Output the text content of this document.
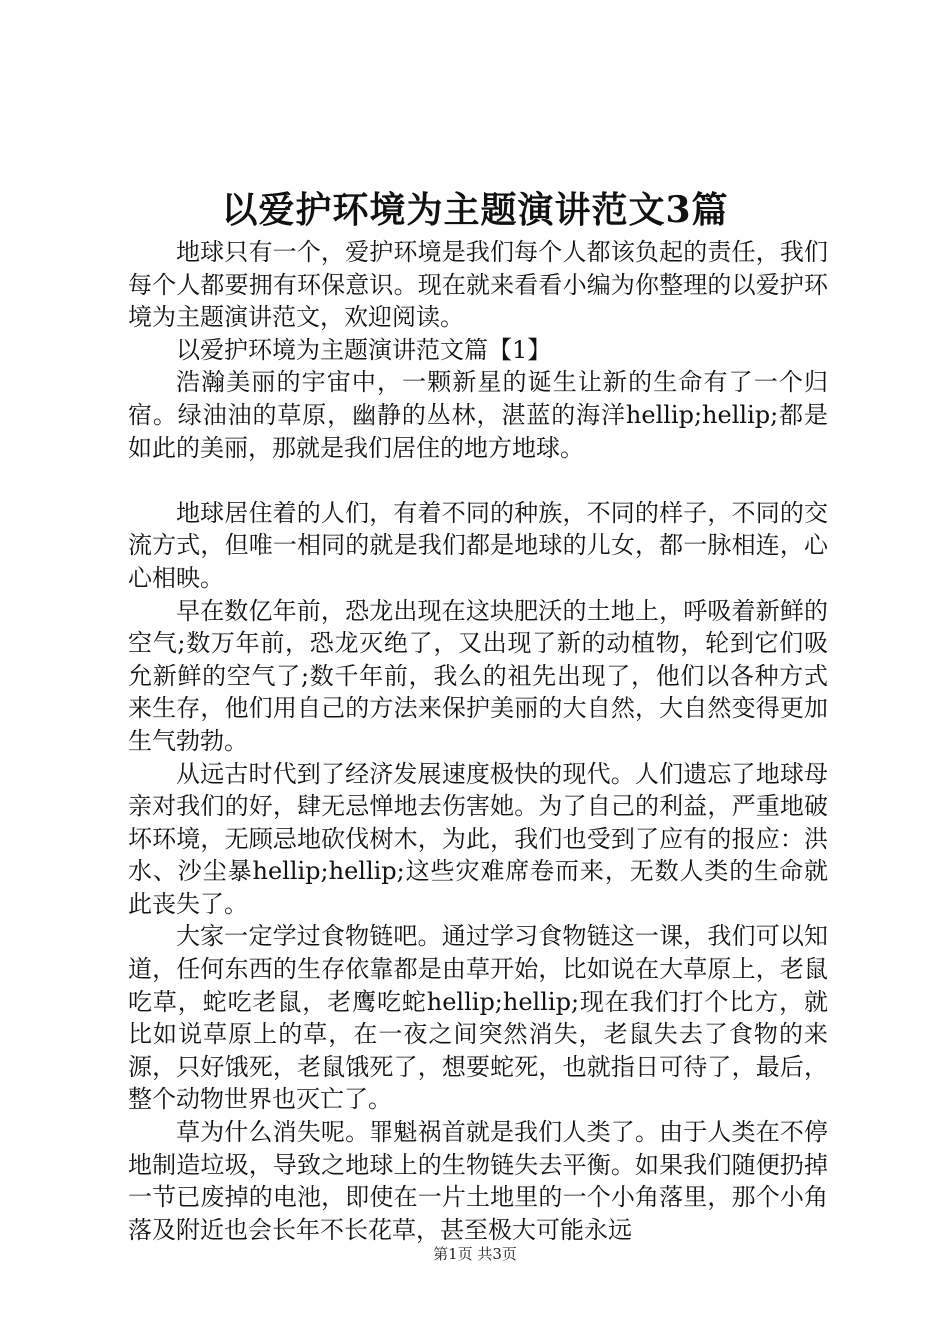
以爱护环境为主题演讲范文3篇

地球只有一个，爱护环境是我们每个人都该负起的责任，我们每个人都要拥有环保意识。现在就来看看小编为你整理的以爱护环境为主题演讲范文，欢迎阅读。

以爱护环境为主题演讲范文篇【1】

浩瀚美丽的宇宙中，一颗新星的诞生让新的生命有了一个归宿。绿油油的草原，幽静的丛林，湛蓝的海洋hellip;hellip;都是如此的美丽，那就是我们居住的地方地球。

地球居住着的人们，有着不同的种族，不同的样子，不同的交流方式，但唯一相同的就是我们都是地球的儿女，都一脉相连，心心相映。

早在数亿年前，恐龙出现在这块肥沃的土地上，呼吸着新鲜的空气;数万年前，恐龙灭绝了，又出现了新的动植物，轮到它们吸允新鲜的空气了;数千年前，我么的祖先出现了，他们以各种方式来生存，他们用自己的方法来保护美丽的大自然，大自然变得更加生气勃勃。

从远古时代到了经济发展速度极快的现代。人们遗忘了地球母亲对我们的好，肆无忌惮地去伤害她。为了自己的利益，严重地破坏环境，无顾忌地砍伐树木，为此，我们也受到了应有的报应：洪水、沙尘暴hellip;hellip;这些灾难席卷而来，无数人类的生命就此丧失了。

大家一定学过食物链吧。通过学习食物链这一课，我们可以知道，任何东西的生存依靠都是由草开始，比如说在大草原上，老鼠吃草，蛇吃老鼠，老鹰吃蛇hellip;hellip;现在我们打个比方，就比如说草原上的草，在一夜之间突然消失，老鼠失去了食物的来源，只好饿死，老鼠饿死了，想要蛇死，也就指日可待了，最后，整个动物世界也灭亡了。

草为什么消失呢。罪魁祸首就是我们人类了。由于人类在不停地制造垃圾，导致之地球上的生物链失去平衡。如果我们随便扔掉一节已废掉的电池，即使在一片土地里的一个小角落里，那个小角落及附近也会长年不长花草，甚至极大可能永远

第1页 共3页
